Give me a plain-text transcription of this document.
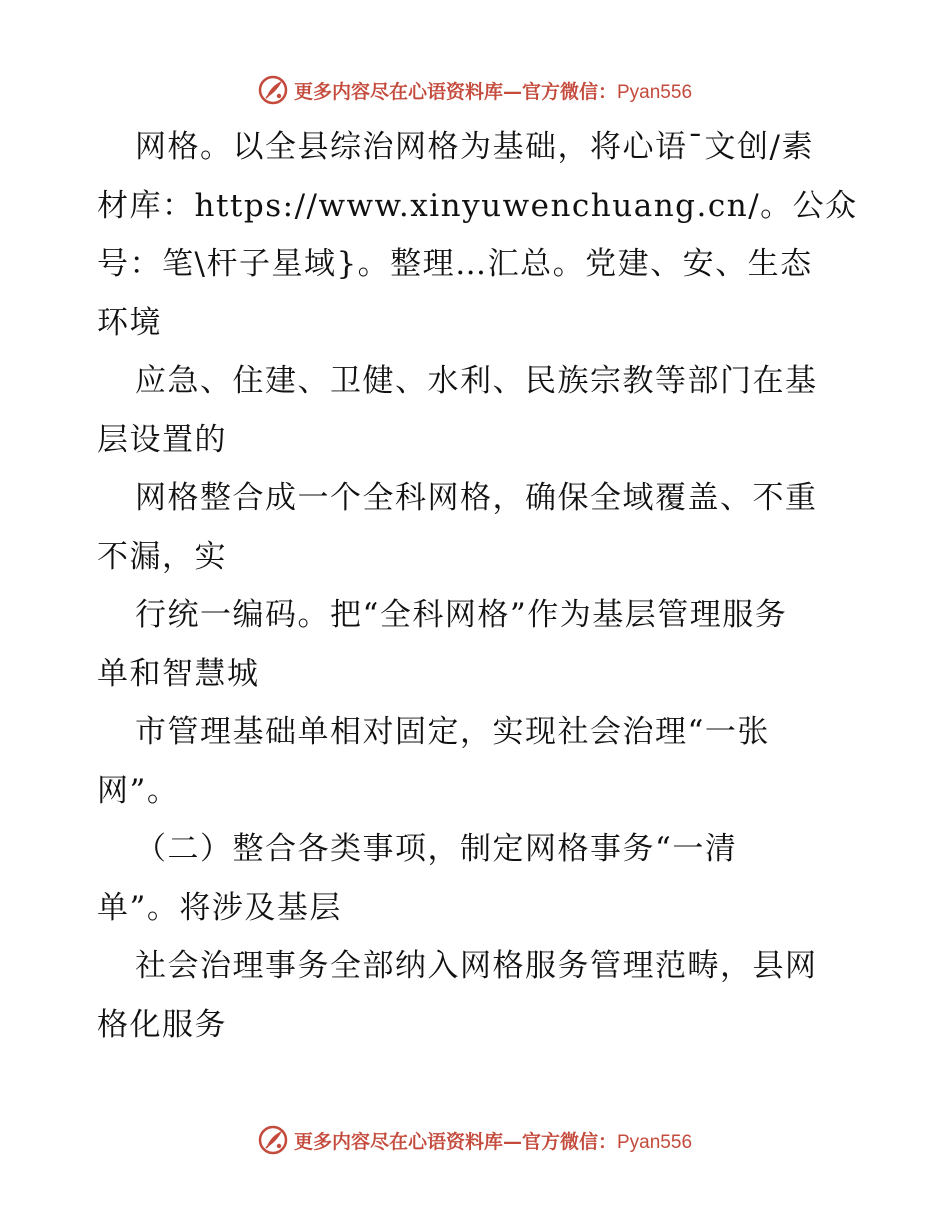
更多内容尽在心语资料库—官方微信：Pyan556
网格。以全县综治网格为基础，将心语¯文创/素
材库：https://www.xinyuwenchuang.cn/。公众
号：笔\杆子星域}。整理…汇总。党建、安、生态
环境
应急、住建、卫健、水利、民族宗教等部门在基
层设置的
网格整合成一个全科网格，确保全域覆盖、不重
不漏，实
行统一编码。把“全科网格”作为基层管理服务
单和智慧城
市管理基础单相对固定，实现社会治理“一张
网”。
（二）整合各类事项，制定网格事务“一清
单”。将涉及基层
社会治理事务全部纳入网格服务管理范畴，县网
格化服务
更多内容尽在心语资料库—官方微信：Pyan556
